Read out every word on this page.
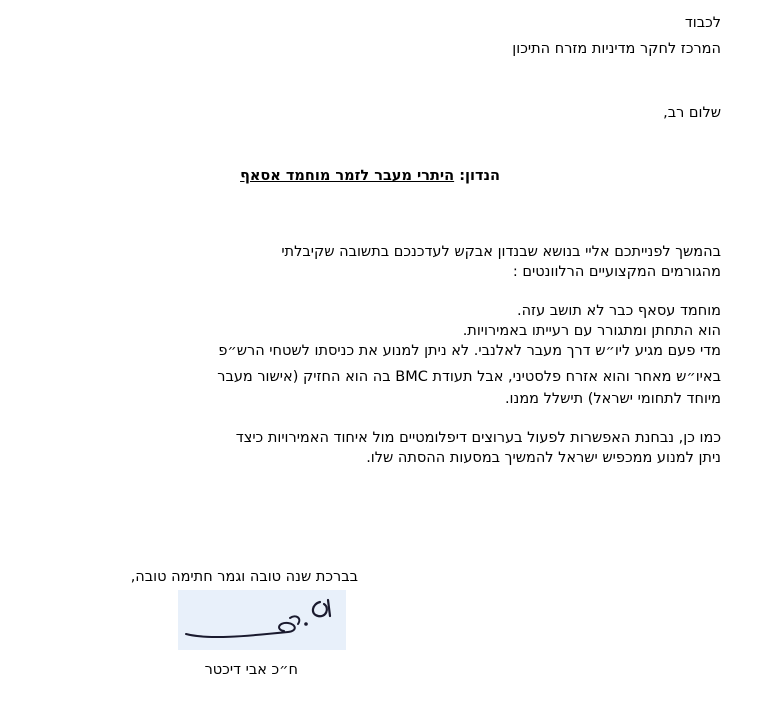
לכבוד
המרכז לחקר מדיניות מזרח התיכון
שלום רב,
הנדון: היתרי מעבר לזמר מוחמד אסאף
בהמשך לפנייתכם אליי בנושא שבנדון אבקש לעדכנכם בתשובה שקיבלתי
מהגורמים המקצועיים הרלוונטים :
מוחמד עסאף כבר לא תושב עזה.
הוא התחתן ומתגורר עם רעייתו באמירויות.
מדי פעם מגיע ליו״ש דרך מעבר לאלנבי. לא ניתן למנוע את כניסתו לשטחי הרש״פ
באיו״ש מאחר והוא אזרח פלסטיני, אבל תעודת BMC בה הוא החזיק (אישור מעבר
מיוחד לתחומי ישראל) תישלל ממנו.
כמו כן, נבחנת האפשרות לפעול בערוצים דיפלומטיים מול איחוד האמירויות כיצד
ניתן למנוע ממכפיש ישראל להמשיך במסעות ההסתה שלו.
בברכת שנה טובה וגמר חתימה טובה,
ח״כ אבי דיכטר
